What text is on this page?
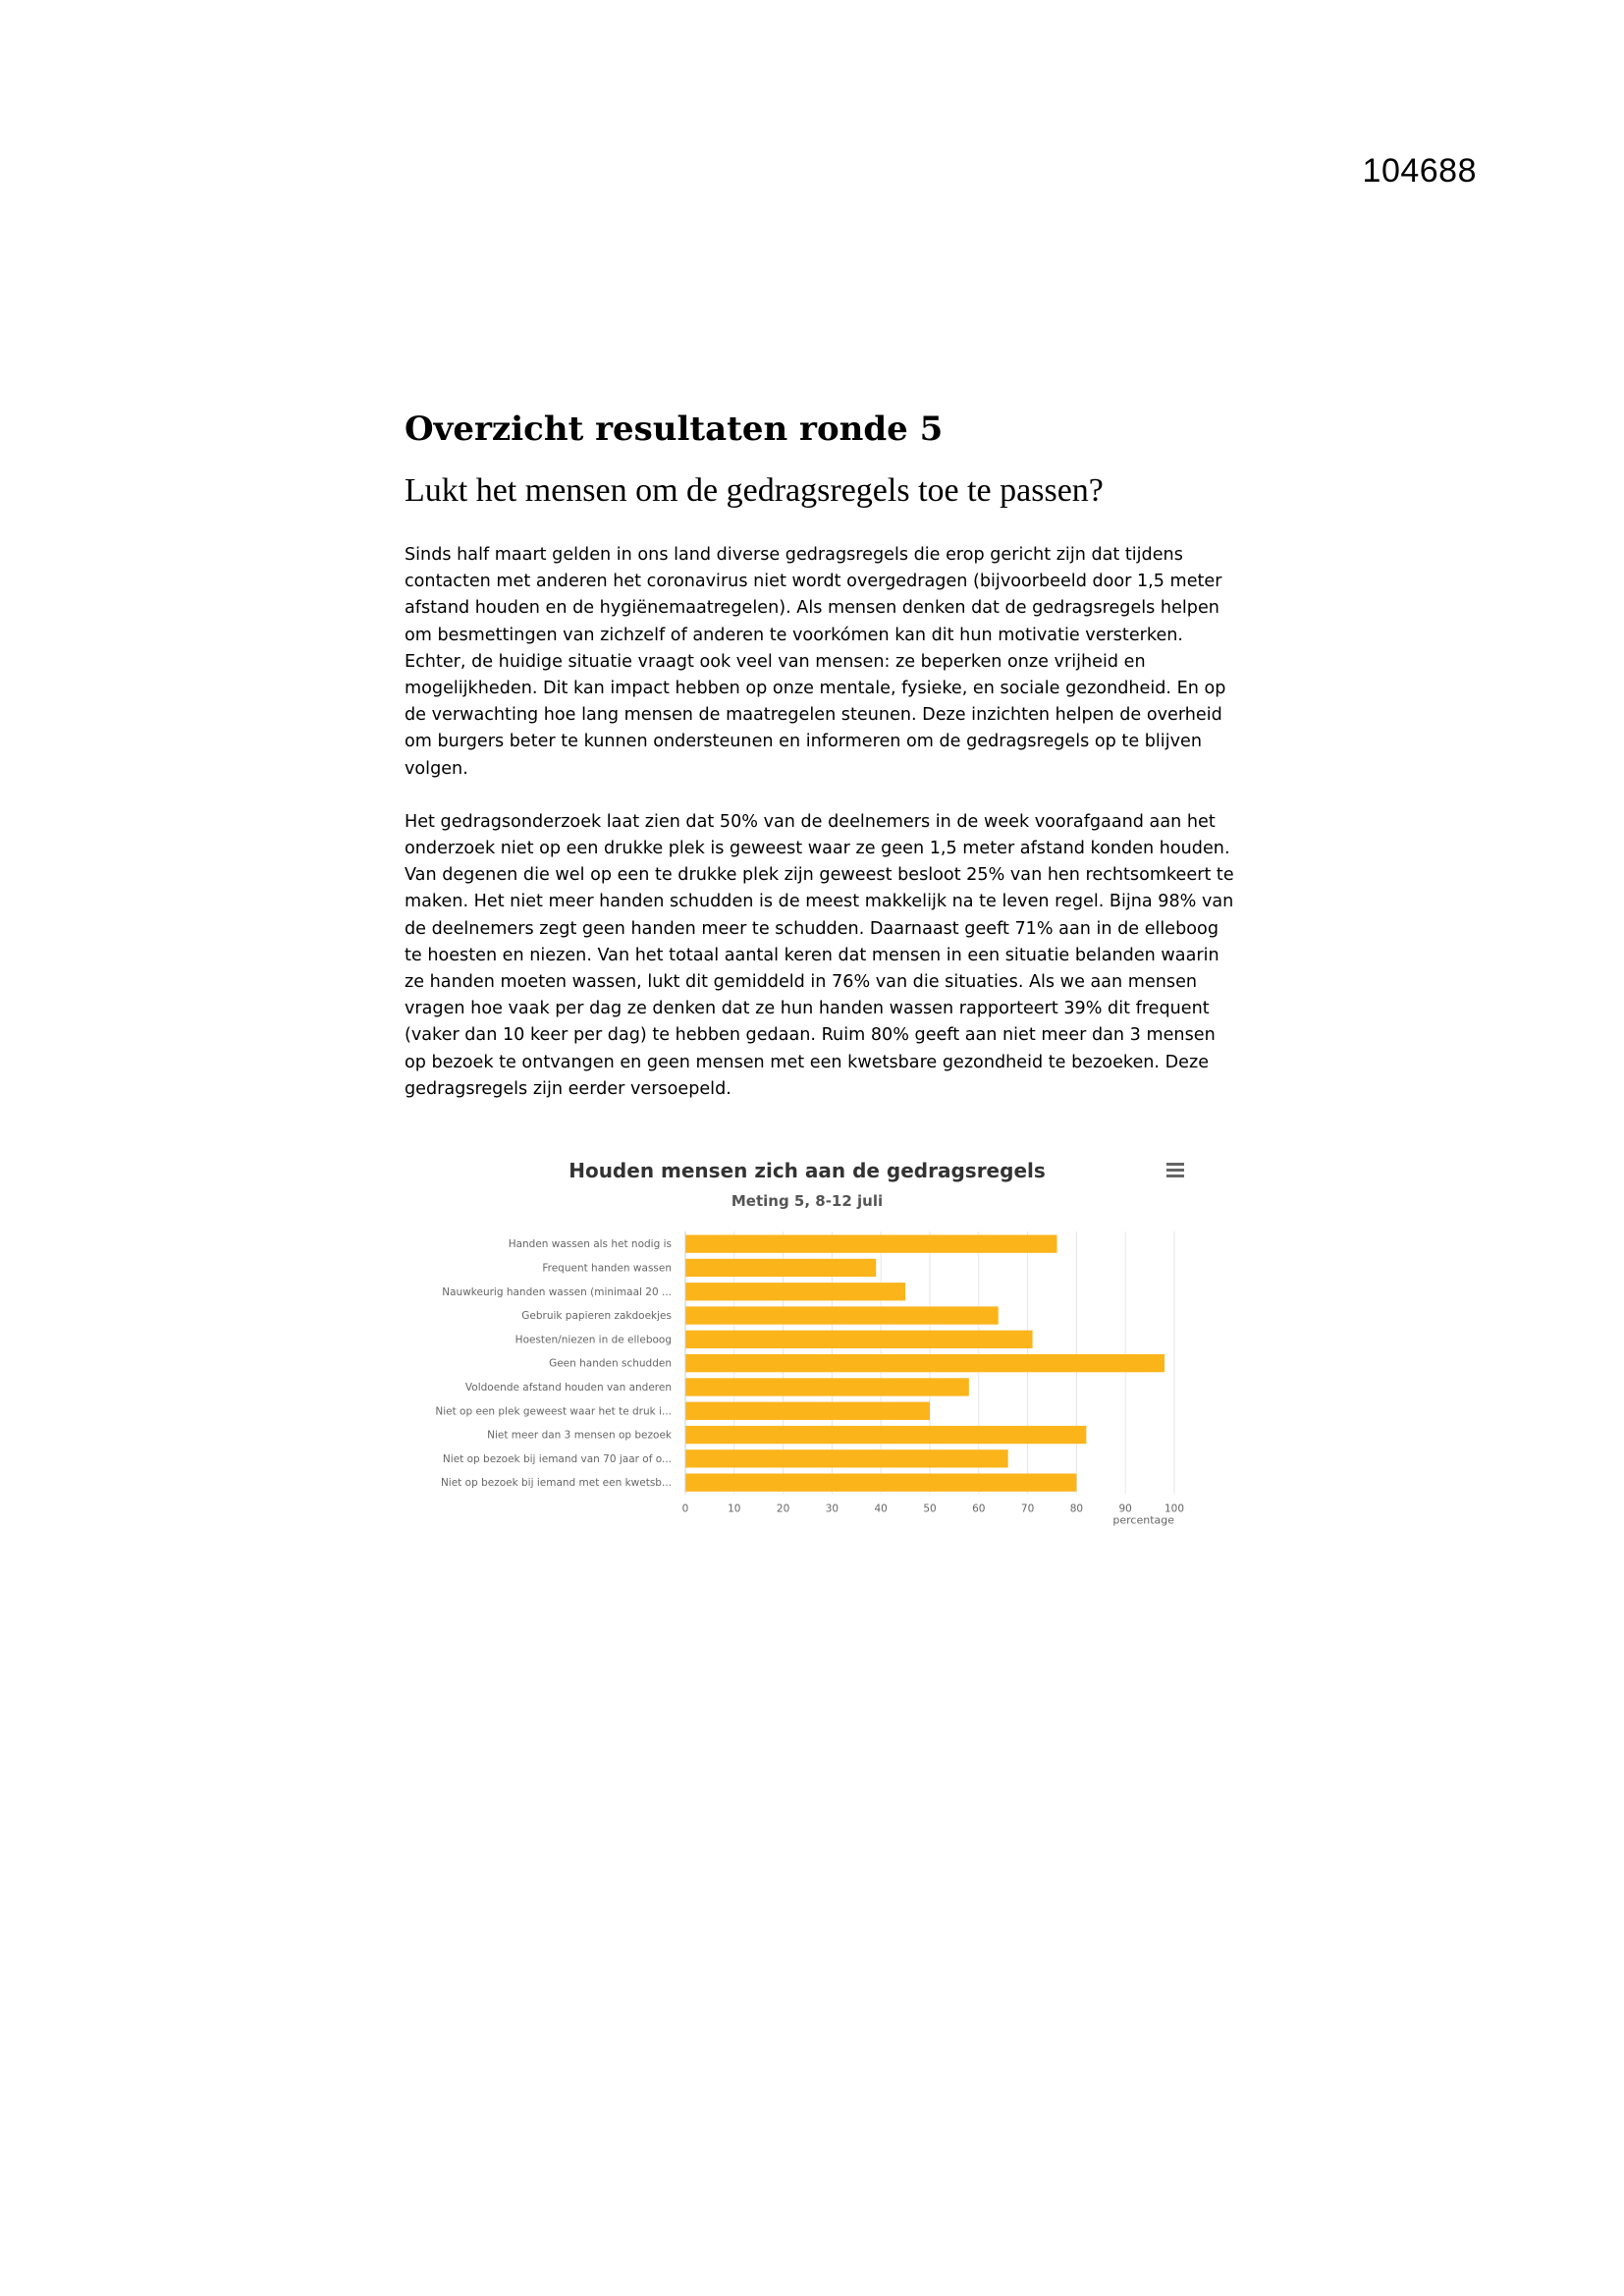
104688
Overzicht resultaten ronde 5
Lukt het mensen om de gedragsregels toe te passen?

Sinds half maart gelden in ons land diverse gedragsregels die erop gericht zijn dat tijdens contacten met anderen het coronavirus niet wordt overgedragen (bijvoorbeeld door 1,5 meter afstand houden en de hygiënemaatregelen). Als mensen denken dat de gedragsregels helpen om besmettingen van zichzelf of anderen te voorkómen kan dit hun motivatie versterken. Echter, de huidige situatie vraagt ook veel van mensen: ze beperken onze vrijheid en mogelijkheden. Dit kan impact hebben op onze mentale, fysieke, en sociale gezondheid. En op de verwachting hoe lang mensen de maatregelen steunen. Deze inzichten helpen de overheid om burgers beter te kunnen ondersteunen en informeren om de gedragsregels op te blijven volgen.

Het gedragsonderzoek laat zien dat 50% van de deelnemers in de week voorafgaand aan het onderzoek niet op een drukke plek is geweest waar ze geen 1,5 meter afstand konden houden. Van degenen die wel op een te drukke plek zijn geweest besloot 25% van hen rechtsomkeert te maken. Het niet meer handen schudden is de meest makkelijk na te leven regel. Bijna 98% van de deelnemers zegt geen handen meer te schudden. Daarnaast geeft 71% aan in de elleboog te hoesten en niezen. Van het totaal aantal keren dat mensen in een situatie belanden waarin ze handen moeten wassen, lukt dit gemiddeld in 76% van die situaties. Als we aan mensen vragen hoe vaak per dag ze denken dat ze hun handen wassen rapporteert 39% dit frequent (vaker dan 10 keer per dag) te hebben gedaan. Ruim 80% geeft aan niet meer dan 3 mensen op bezoek te ontvangen en geen mensen met een kwetsbare gezondheid te bezoeken. Deze gedragsregels zijn eerder versoepeld.

Houden mensen zich aan de gedragsregels
Meting 5, 8-12 juli
Handen wassen als het nodig is
Frequent handen wassen
Nauwkeurig handen wassen (minimaal 20 ...
Gebruik papieren zakdoekjes
Hoesten/niezen in de elleboog
Geen handen schudden
Voldoende afstand houden van anderen
Niet op een plek geweest waar het te druk i...
Niet meer dan 3 mensen op bezoek
Niet op bezoek bij iemand van 70 jaar of o...
Niet op bezoek bij iemand met een kwetsb...
0	10	20	30	40	50	60	70	80	90	100
percentage
